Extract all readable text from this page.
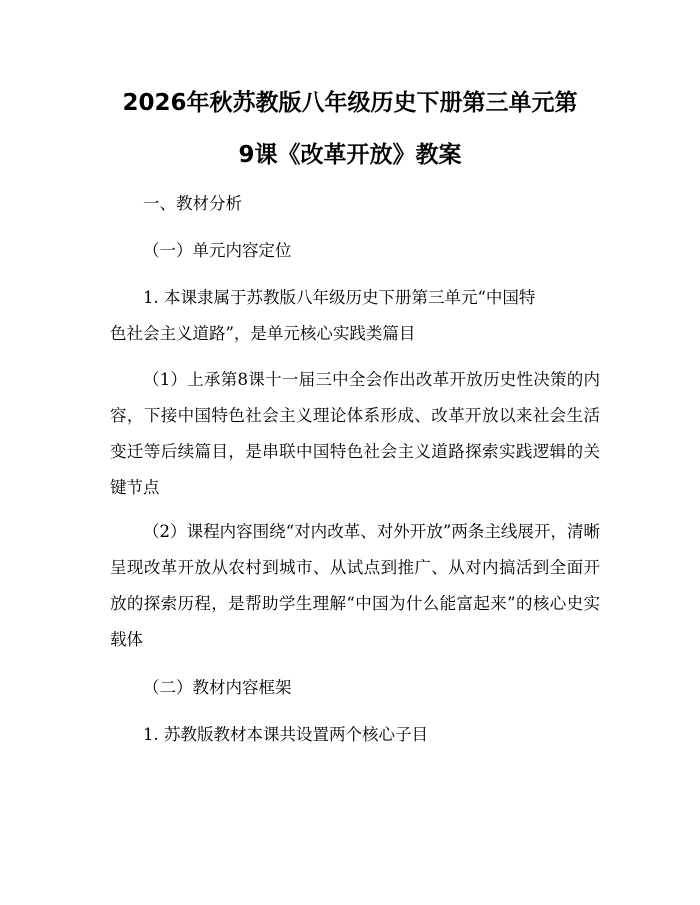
2026年秋苏教版八年级历史下册第三单元第
9课《改革开放》教案

一、教材分析

（一）单元内容定位

1. 本课隶属于苏教版八年级历史下册第三单元“中国特

色社会主义道路”，是单元核心实践类篇目

（1）上承第8课十一届三中全会作出改革开放历史性决策的内容，下接中国特色社会主义理论体系形成、改革开放以来社会生活变迁等后续篇目，是串联中国特色社会主义道路探索实践逻辑的关键节点

（2）课程内容围绕“对内改革、对外开放”两条主线展开，清晰呈现改革开放从农村到城市、从试点到推广、从对内搞活到全面开放的探索历程，是帮助学生理解“中国为什么能富起来”的核心史实载体

（二）教材内容框架

1. 苏教版教材本课共设置两个核心子目
